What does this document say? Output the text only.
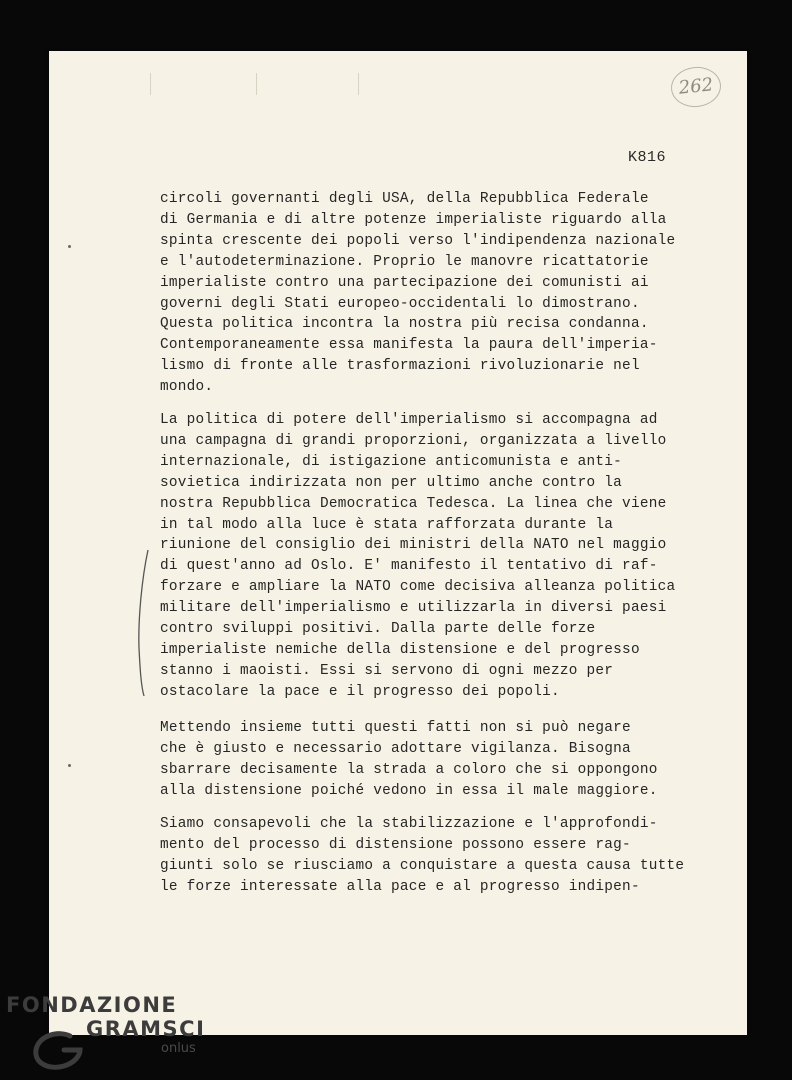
262
K816
circoli governanti degli USA, della Repubblica Federale
di Germania e di altre potenze imperialiste riguardo alla
spinta crescente dei popoli verso l'indipendenza nazionale
e l'autodeterminazione. Proprio le manovre ricattatorie
imperialiste contro una partecipazione dei comunisti ai
governi degli Stati europeo-occidentali lo dimostrano.
Questa politica incontra la nostra più recisa condanna.
Contemporaneamente essa manifesta la paura dell'imperia-
lismo di fronte alle trasformazioni rivoluzionarie nel
mondo.
La politica di potere dell'imperialismo si accompagna ad
una campagna di grandi proporzioni, organizzata a livello
internazionale, di istigazione anticomunista e anti-
sovietica indirizzata non per ultimo anche contro la
nostra Repubblica Democratica Tedesca. La linea che viene
in tal modo alla luce è stata rafforzata durante la
riunione del consiglio dei ministri della NATO nel maggio
di quest'anno ad Oslo. E' manifesto il tentativo di raf-
forzare e ampliare la NATO come decisiva alleanza politica
militare dell'imperialismo e utilizzarla in diversi paesi
contro sviluppi positivi. Dalla parte delle forze
imperialiste nemiche della distensione e del progresso
stanno i maoisti. Essi si servono di ogni mezzo per
ostacolare la pace e il progresso dei popoli.
Mettendo insieme tutti questi fatti non si può negare
che è giusto e necessario adottare vigilanza. Bisogna
sbarrare decisamente la strada a coloro che si oppongono
alla distensione poiché vedono in essa il male maggiore.
Siamo consapevoli che la stabilizzazione e l'approfondi-
mento del processo di distensione possono essere rag-
giunti solo se riusciamo a conquistare a questa causa tutte
le forze interessate alla pace e al progresso indipen-
FONDAZIONE
GRAMSCI
onlus
